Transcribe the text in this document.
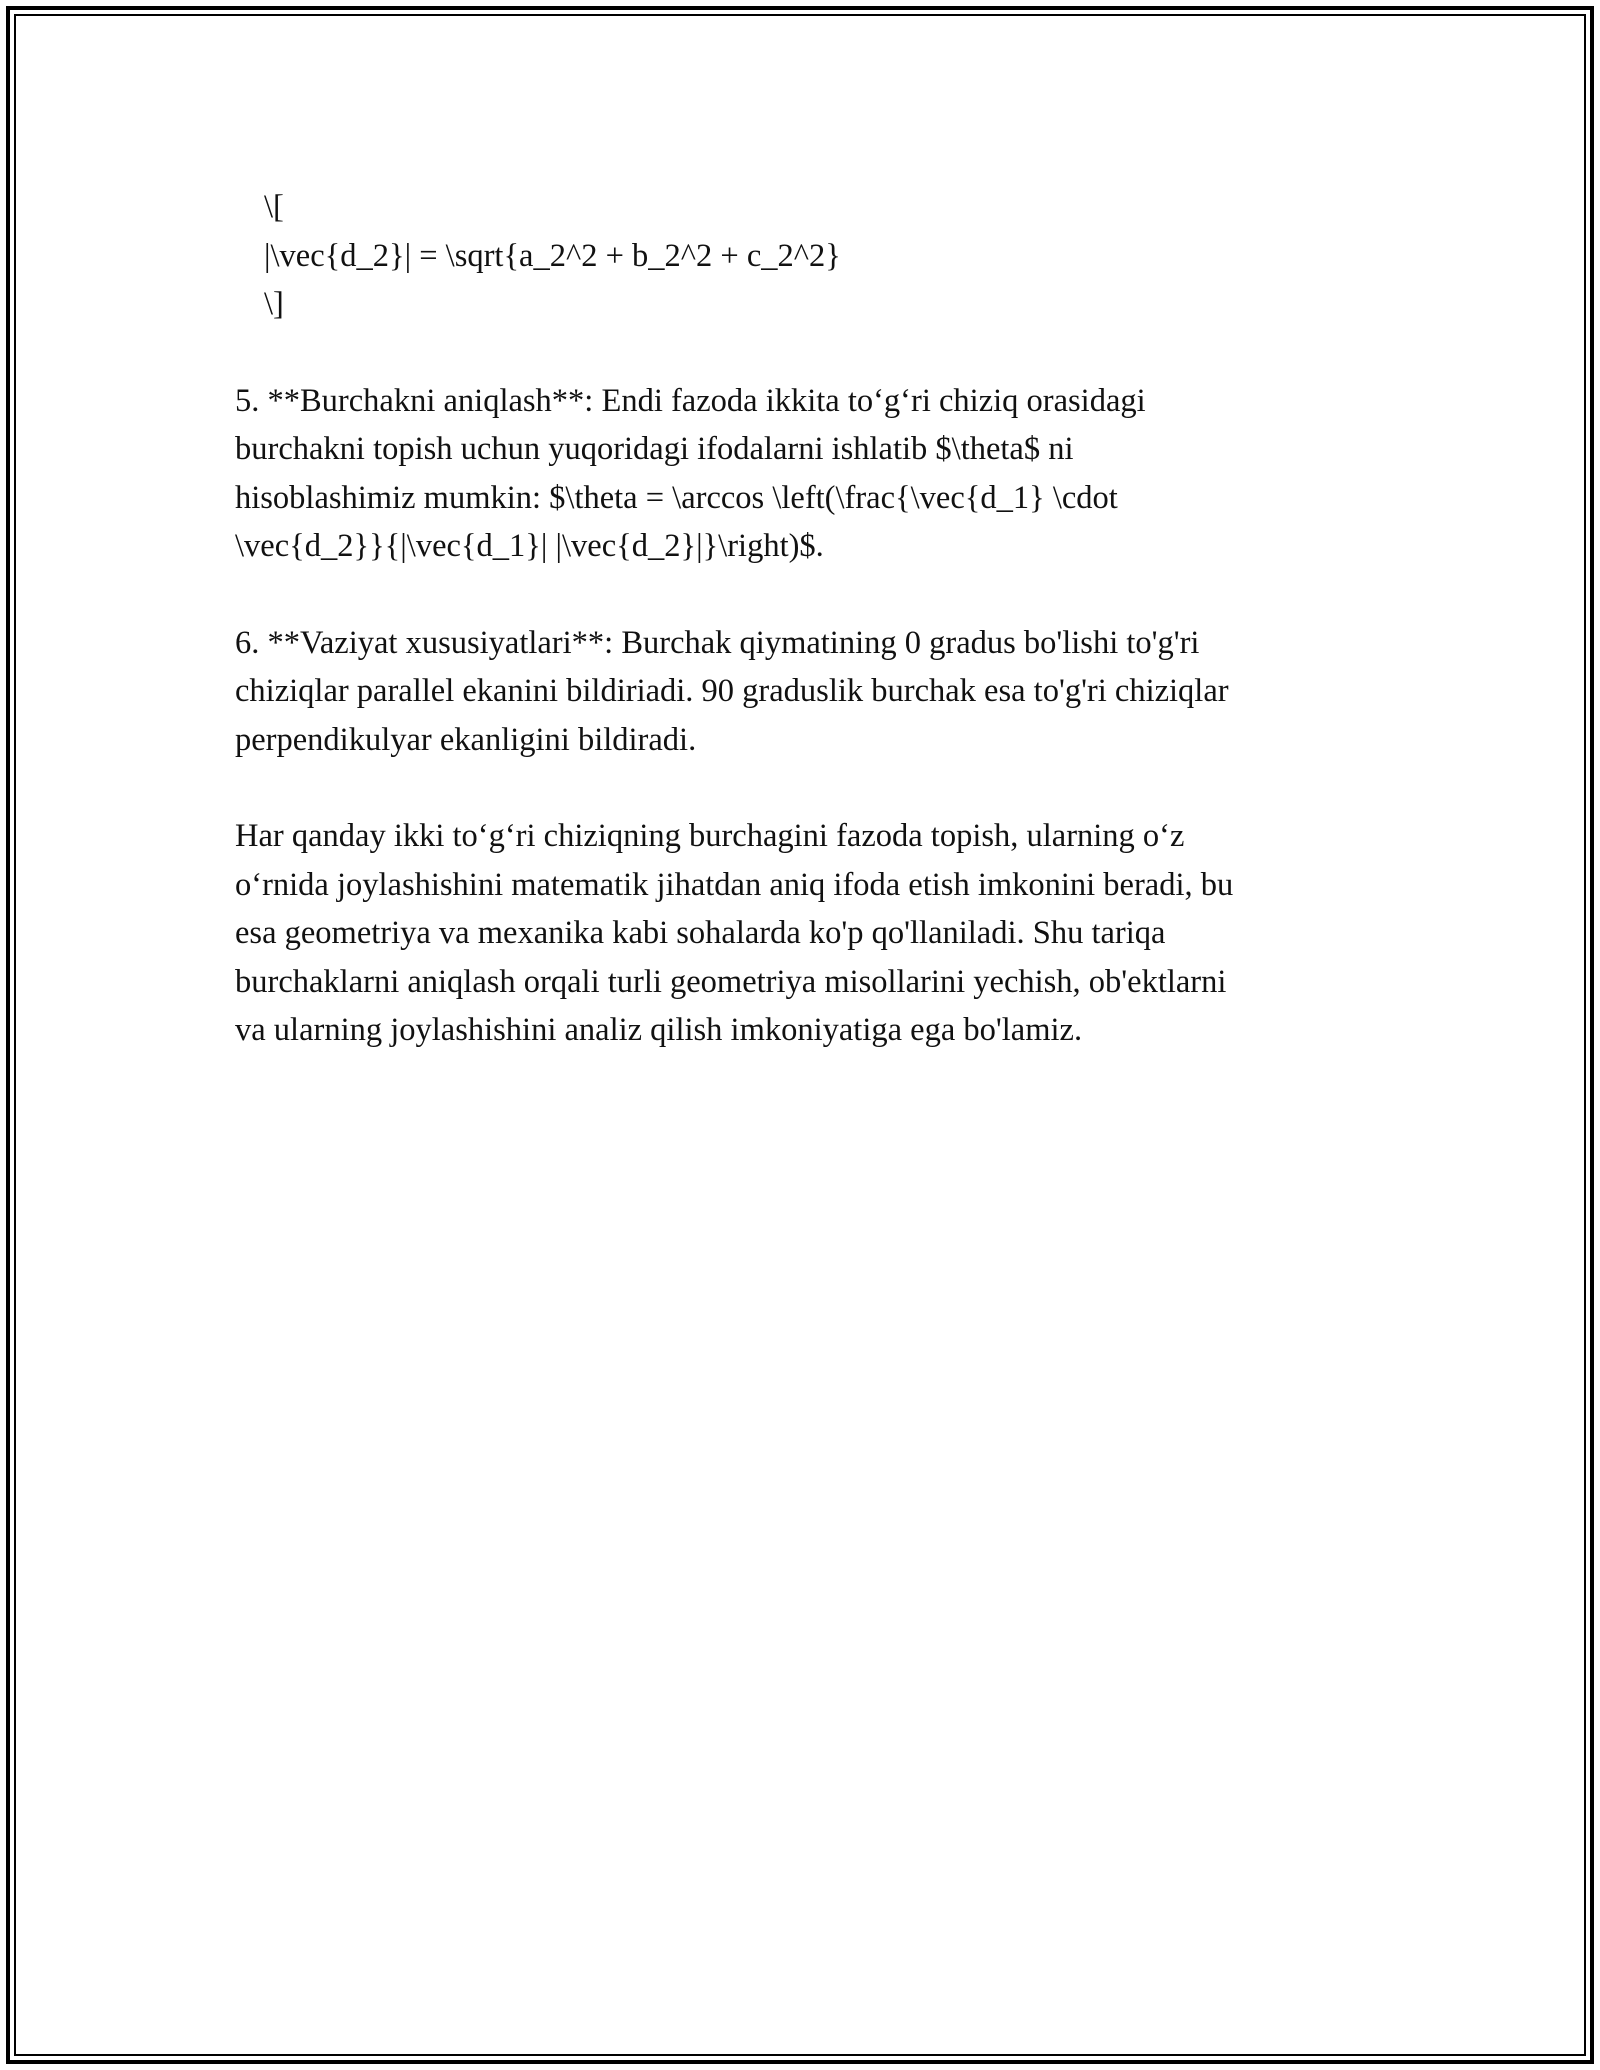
\[
|\vec{d_2}| = \sqrt{a_2^2 + b_2^2 + c_2^2}
\]

5. **Burchakni aniqlash**: Endi fazoda ikkita to‘g‘ri chiziq orasidagi
burchakni topish uchun yuqoridagi ifodalarni ishlatib $\theta$ ni
hisoblashimiz mumkin: $\theta = \arccos \left(\frac{\vec{d_1} \cdot
\vec{d_2}}{|\vec{d_1}| |\vec{d_2}|}\right)$.

6. **Vaziyat xususiyatlari**: Burchak qiymatining 0 gradus bo'lishi to'g'ri
chiziqlar parallel ekanini bildiriadi. 90 graduslik burchak esa to'g'ri chiziqlar
perpendikulyar ekanligini bildiradi.

Har qanday ikki to‘g‘ri chiziqning burchagini fazoda topish, ularning o‘z
o‘rnida joylashishini matematik jihatdan aniq ifoda etish imkonini beradi, bu
esa geometriya va mexanika kabi sohalarda ko'p qo'llaniladi. Shu tariqa
burchaklarni aniqlash orqali turli geometriya misollarini yechish, ob'ektlarni
va ularning joylashishini analiz qilish imkoniyatiga ega bo'lamiz.
